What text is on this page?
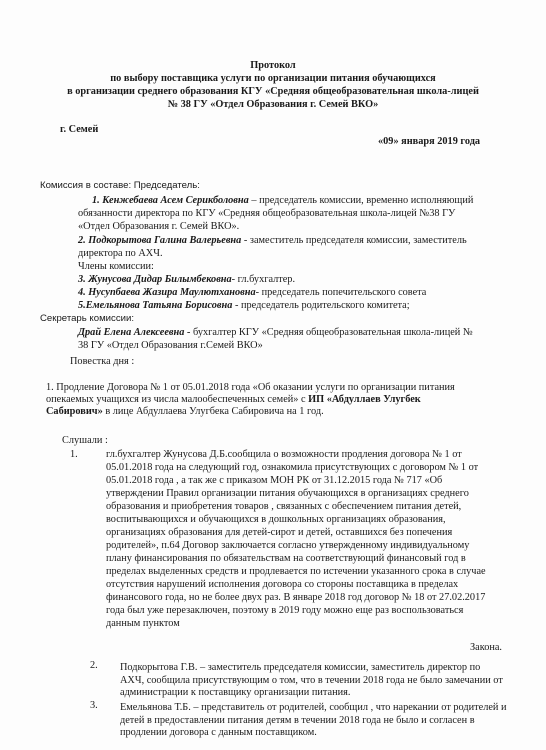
Протокол
по выбору поставщика услуги по организации питания обучающихся
в организации среднего образования КГУ «Средняя общеобразовательная школа-лицей
№ 38 ГУ «Отдел Образования г. Семей ВКО»
г. Семей
«09» января 2019 года
Комиссия в составе: Председатель:
1. Кенжебаева Асем Серикболовна – председатель комиссии, временно исполняющий
обязанности директора по КГУ «Средняя общеобразовательная школа-лицей №38 ГУ
«Отдел Образования г. Семей ВКО».
2. Подкорытова Галина Валерьевна - заместитель председателя комиссии, заместитель
директора по АХЧ.
Члены комиссии:
3. Жунусова Дидар Билымбековна- гл.бухгалтер.
4. Нусупбаева Жазира Маулютхановна- председатель попечительского совета
5.Емельянова Татьяна Борисовна - председатель родительского комитета;
Секретарь комиссии:
Драй Елена Алексеевна - бухгалтер КГУ «Средняя общеобразовательная школа-лицей №
38 ГУ «Отдел Образования г.Семей ВКО»
Повестка дня :
1. Продление Договора № 1 от 05.01.2018 года «Об оказании услуги по организации питания
опекаемых учащихся из числа малообеспеченных семей» с ИП «Абдуллаев Улугбек
Сабирович» в лице Абдуллаева Улугбека Сабировича на 1 год.
Слушали :
1.	гл.бухгалтер Жунусова Д.Б.сообщила о возможности продления договора № 1 от
05.01.2018 года на следующий год, ознакомила присутствующих с договором № 1 от
05.01.2018 года , а так же с приказом МОН РК от 31.12.2015 года № 717 «Об
утверждении Правил организации питания обучающихся в организациях среднего
образования и приобретения товаров , связанных с обеспечением питания детей,
воспитывающихся и обучающихся в дошкольных организациях образования,
организациях образования для детей-сирот и детей, оставшихся без попечения
родителей», п.64 Договор заключается согласно утвержденному индивидуальному
плану финансирования по обязательствам на соответствующий финансовый год в
пределах выделенных средств и продлевается по истечении указанного срока в случае
отсутствия нарушений исполнения договора со стороны поставщика в пределах
финансового года, но не более двух раз. В январе 2018 год договор № 18 от 27.02.2017
года был уже перезаключен, поэтому в 2019 году можно еще раз воспользоваться
данным пунктом
Закона.
2. Подкорытова Г.В. – заместитель председателя комиссии, заместитель директор по
АХЧ, сообщила присутствующим о том, что в течении 2018 года не было замечании от
администрации к поставщику организации питания.
3. Емельянова Т.Б. – представитель от родителей, сообщил , что нарекании от родителей и
детей в предоставлении питания детям в течении 2018 года не было и согласен в
продлении договора с данным поставщиком.
